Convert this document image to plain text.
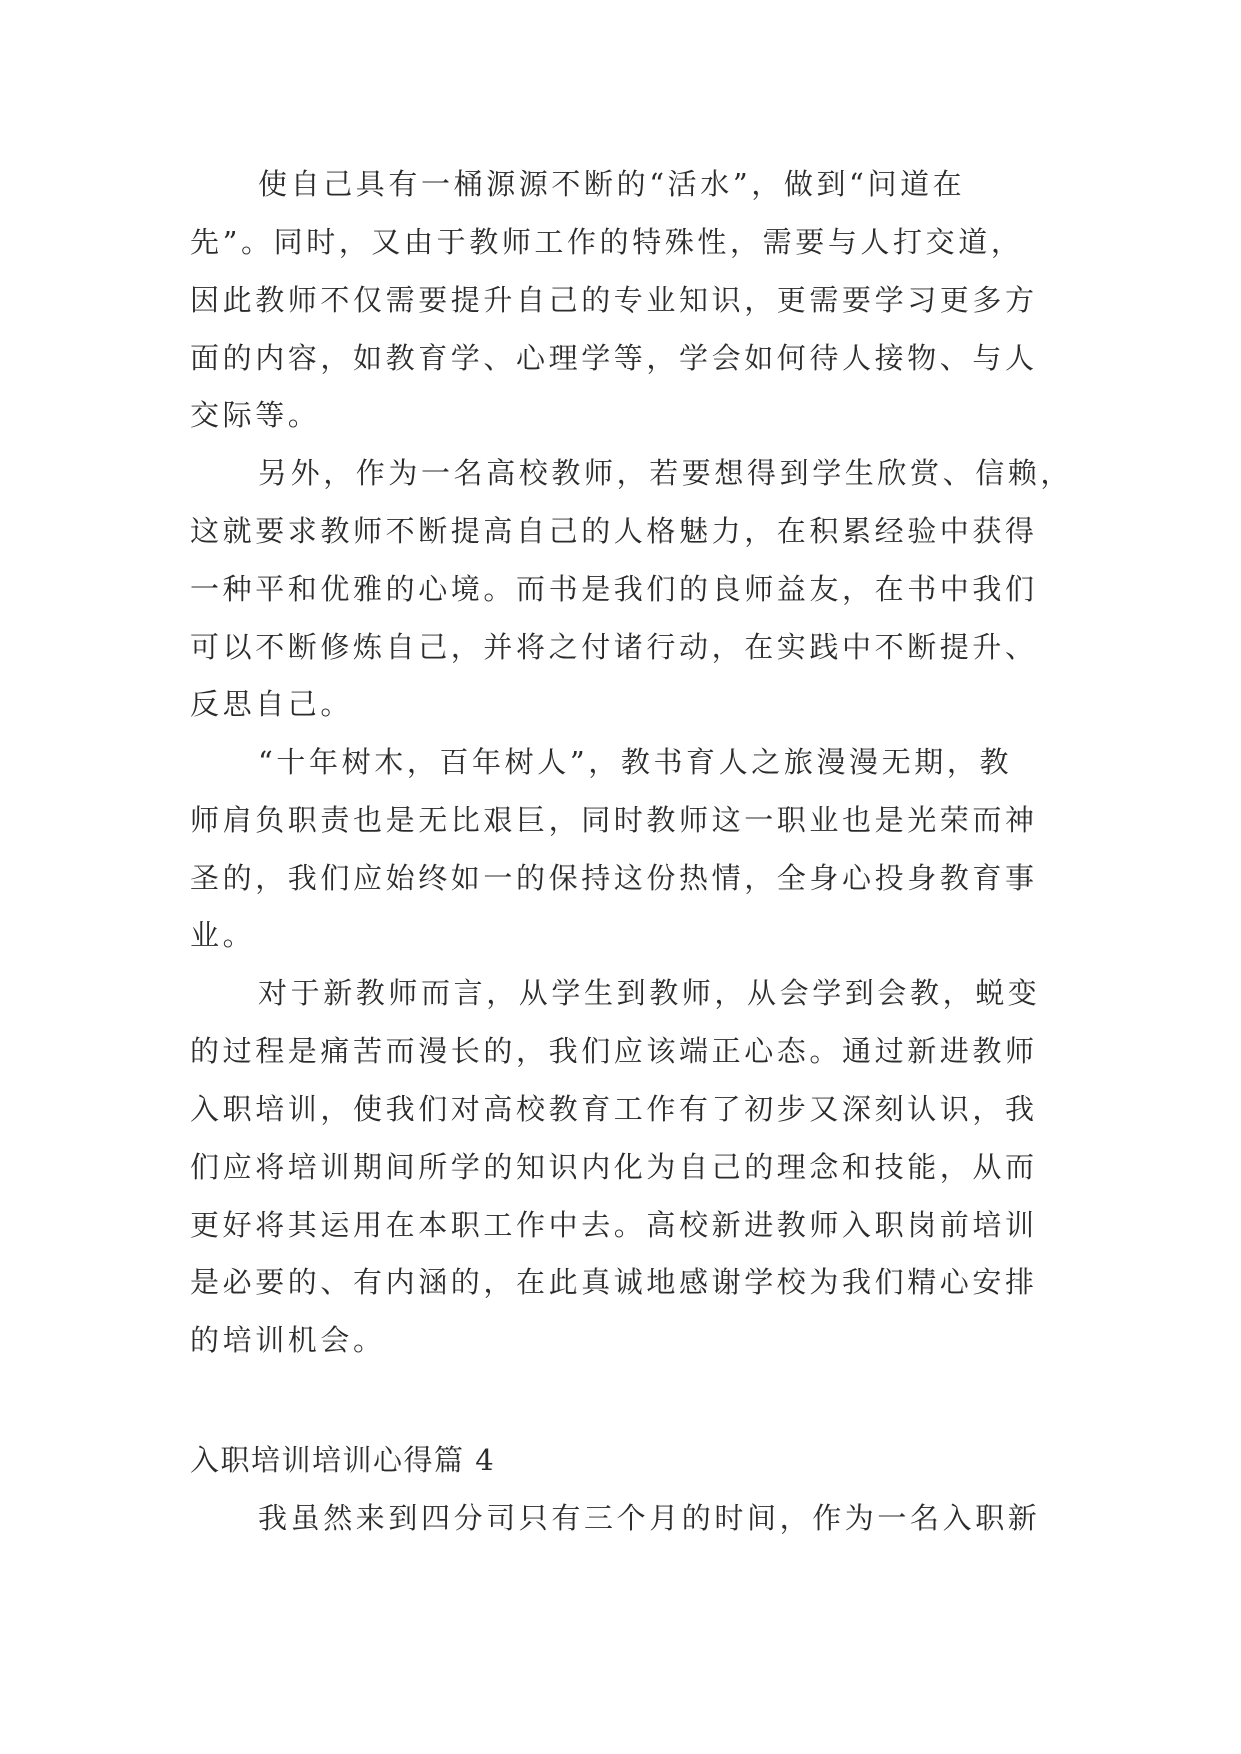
使自己具有一桶源源不断的“活水”，做到“问道在
先”。同时，又由于教师工作的特殊性，需要与人打交道，
因此教师不仅需要提升自己的专业知识，更需要学习更多方
面的内容，如教育学、心理学等，学会如何待人接物、与人
交际等。
另外，作为一名高校教师，若要想得到学生欣赏、信赖，
这就要求教师不断提高自己的人格魅力，在积累经验中获得
一种平和优雅的心境。而书是我们的良师益友，在书中我们
可以不断修炼自己，并将之付诸行动，在实践中不断提升、
反思自己。
“十年树木，百年树人”，教书育人之旅漫漫无期，教
师肩负职责也是无比艰巨，同时教师这一职业也是光荣而神
圣的，我们应始终如一的保持这份热情，全身心投身教育事
业。
对于新教师而言，从学生到教师，从会学到会教，蜕变
的过程是痛苦而漫长的，我们应该端正心态。通过新进教师
入职培训，使我们对高校教育工作有了初步又深刻认识，我
们应将培训期间所学的知识内化为自己的理念和技能，从而
更好将其运用在本职工作中去。高校新进教师入职岗前培训
是必要的、有内涵的，在此真诚地感谢学校为我们精心安排
的培训机会。
入职培训培训心得篇 4
我虽然来到四分司只有三个月的时间，作为一名入职新
